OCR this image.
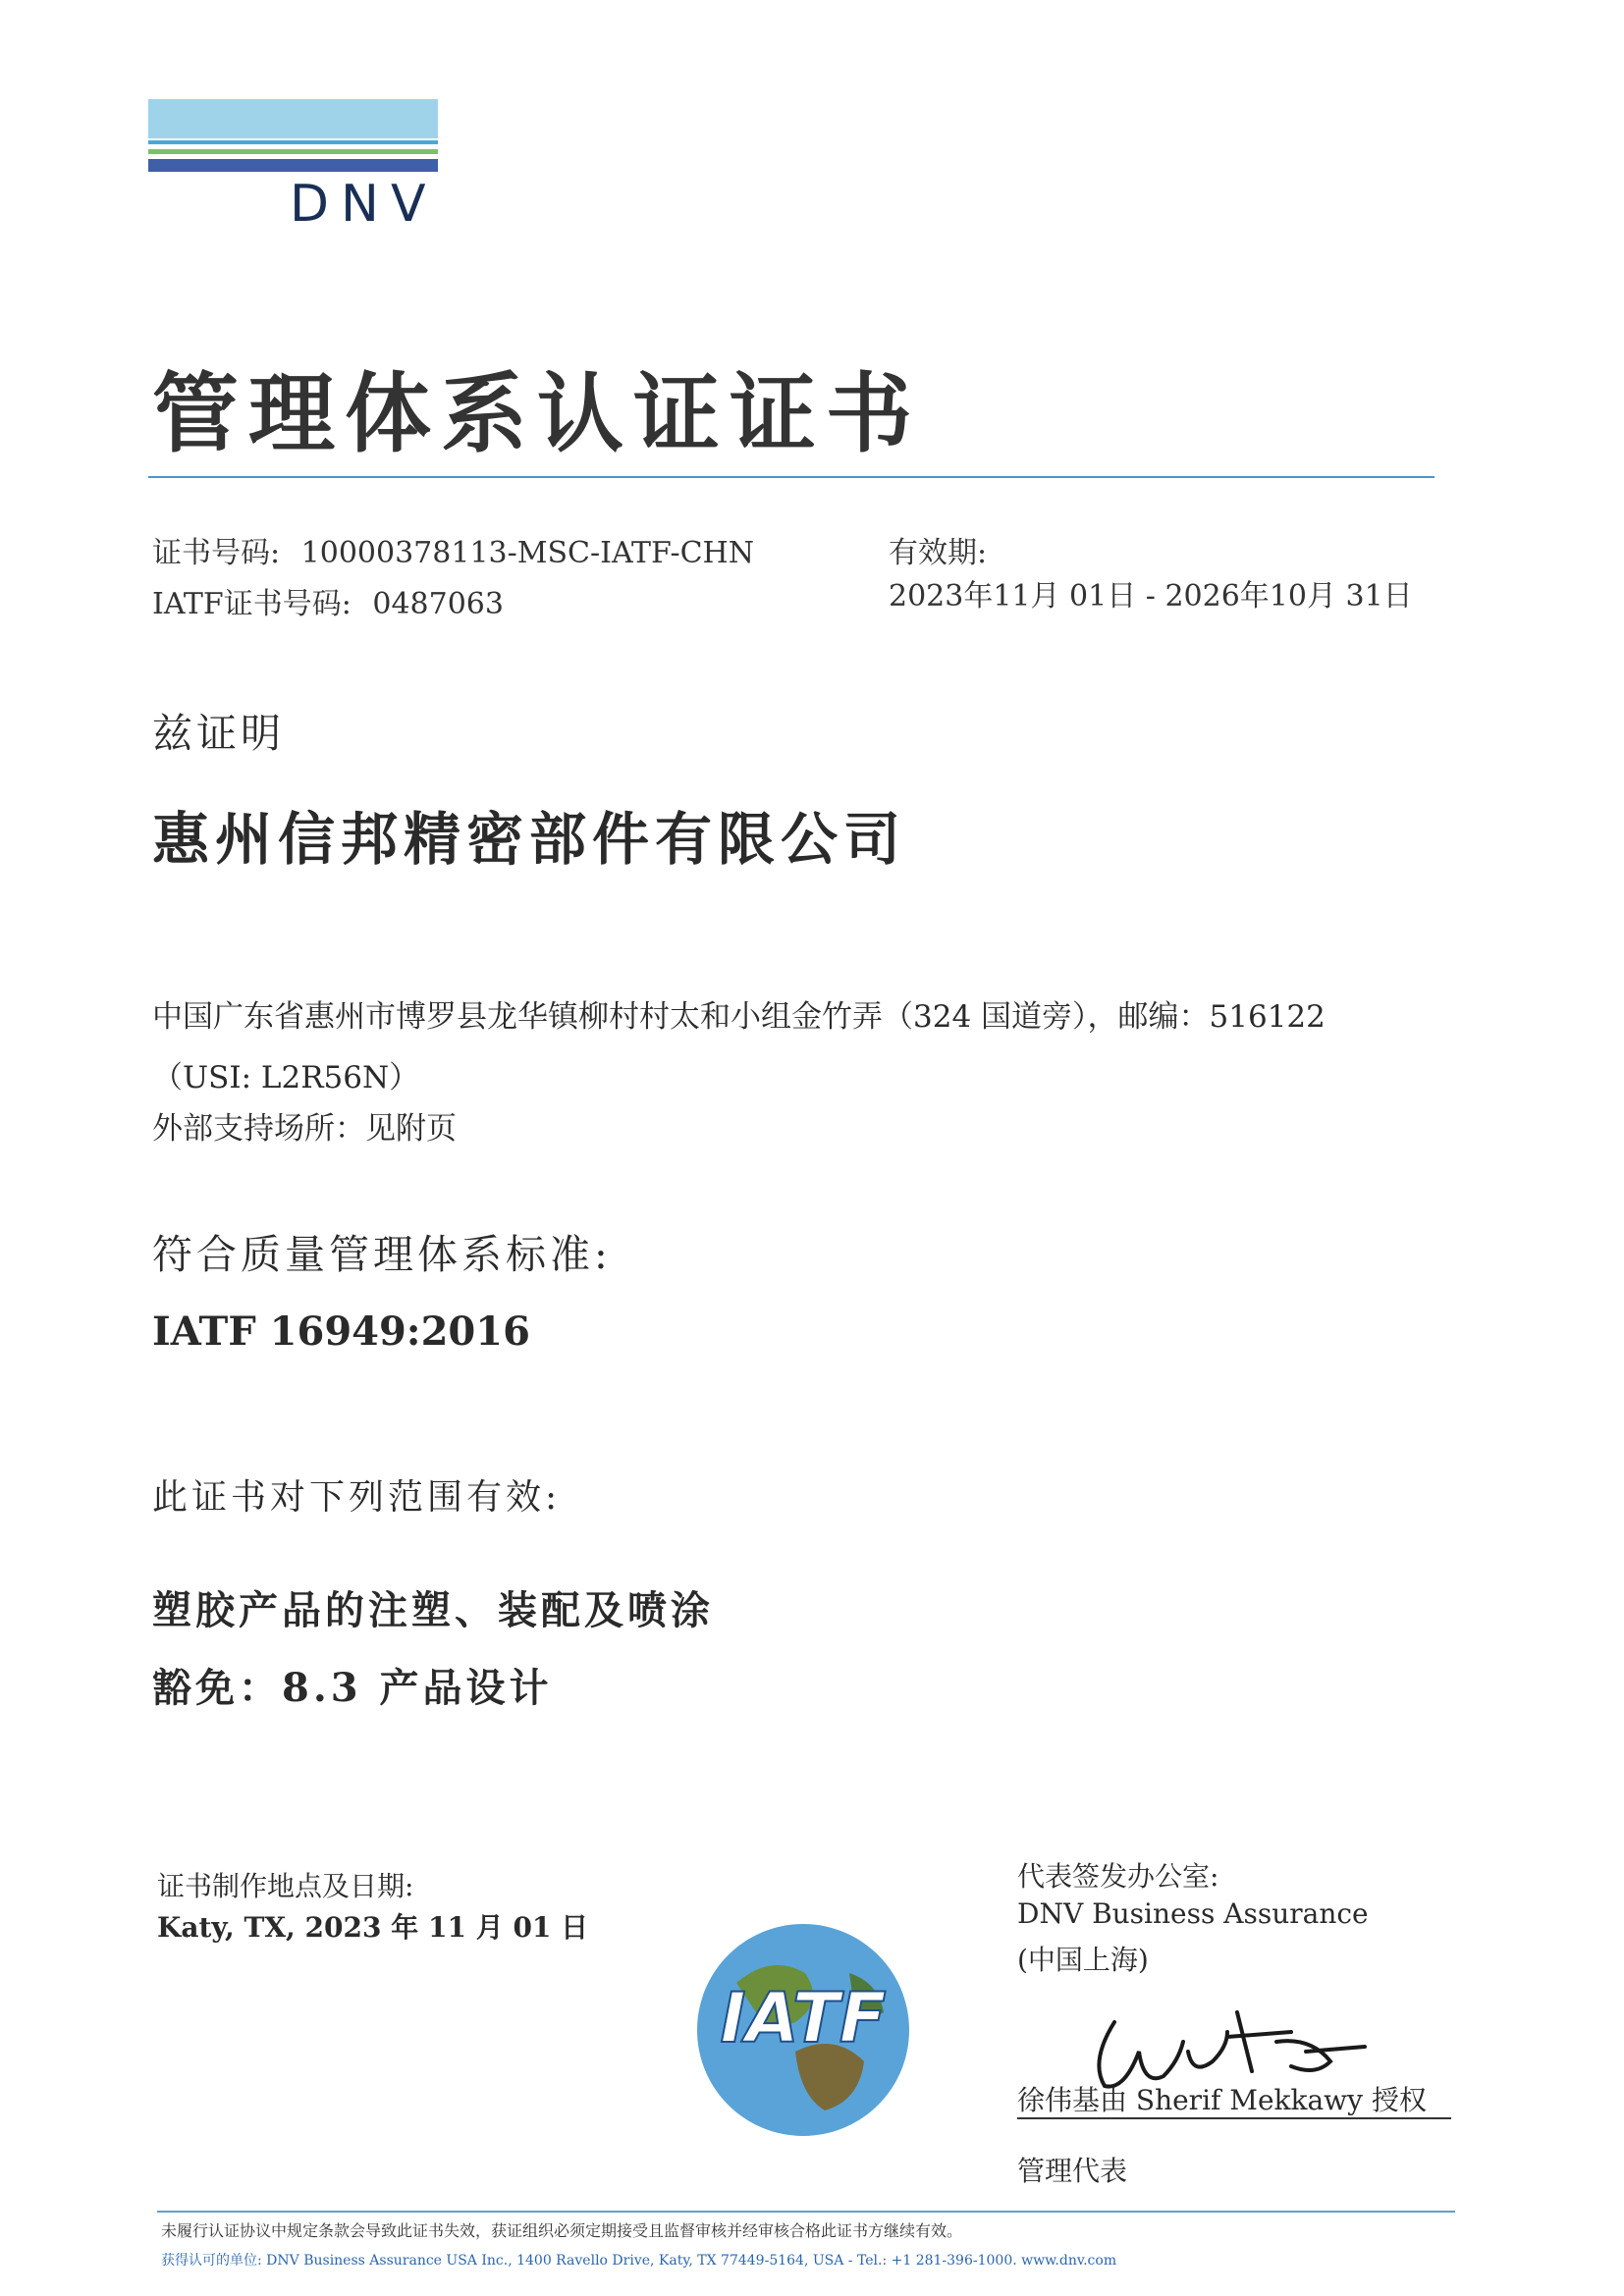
DNV
管理体系认证证书
证书号码: 10000378113-MSC-IATF-CHN
IATF证书号码: 0487063
有效期:
2023年11月 01日 - 2026年10月 31日
兹证明
惠州信邦精密部件有限公司
中国广东省惠州市博罗县龙华镇柳村村太和小组金竹弄（324 国道旁），邮编：516122
（USI: L2R56N）
外部支持场所：见附页
符合质量管理体系标准:
IATF 16949:2016
此证书对下列范围有效:
塑胶产品的注塑、装配及喷涂
豁免：8.3 产品设计
证书制作地点及日期:
Katy, TX, 2023 年 11 月 01 日
IATF
代表签发办公室:
DNV Business Assurance
(中国上海)
徐伟基由 Sherif Mekkawy 授权
管理代表
未履行认证协议中规定条款会导致此证书失效，获证组织必须定期接受且监督审核并经审核合格此证书方继续有效。
获得认可的单位: DNV Business Assurance USA Inc., 1400 Ravello Drive, Katy, TX 77449-5164, USA - Tel.: +1 281-396-1000. www.dnv.com
